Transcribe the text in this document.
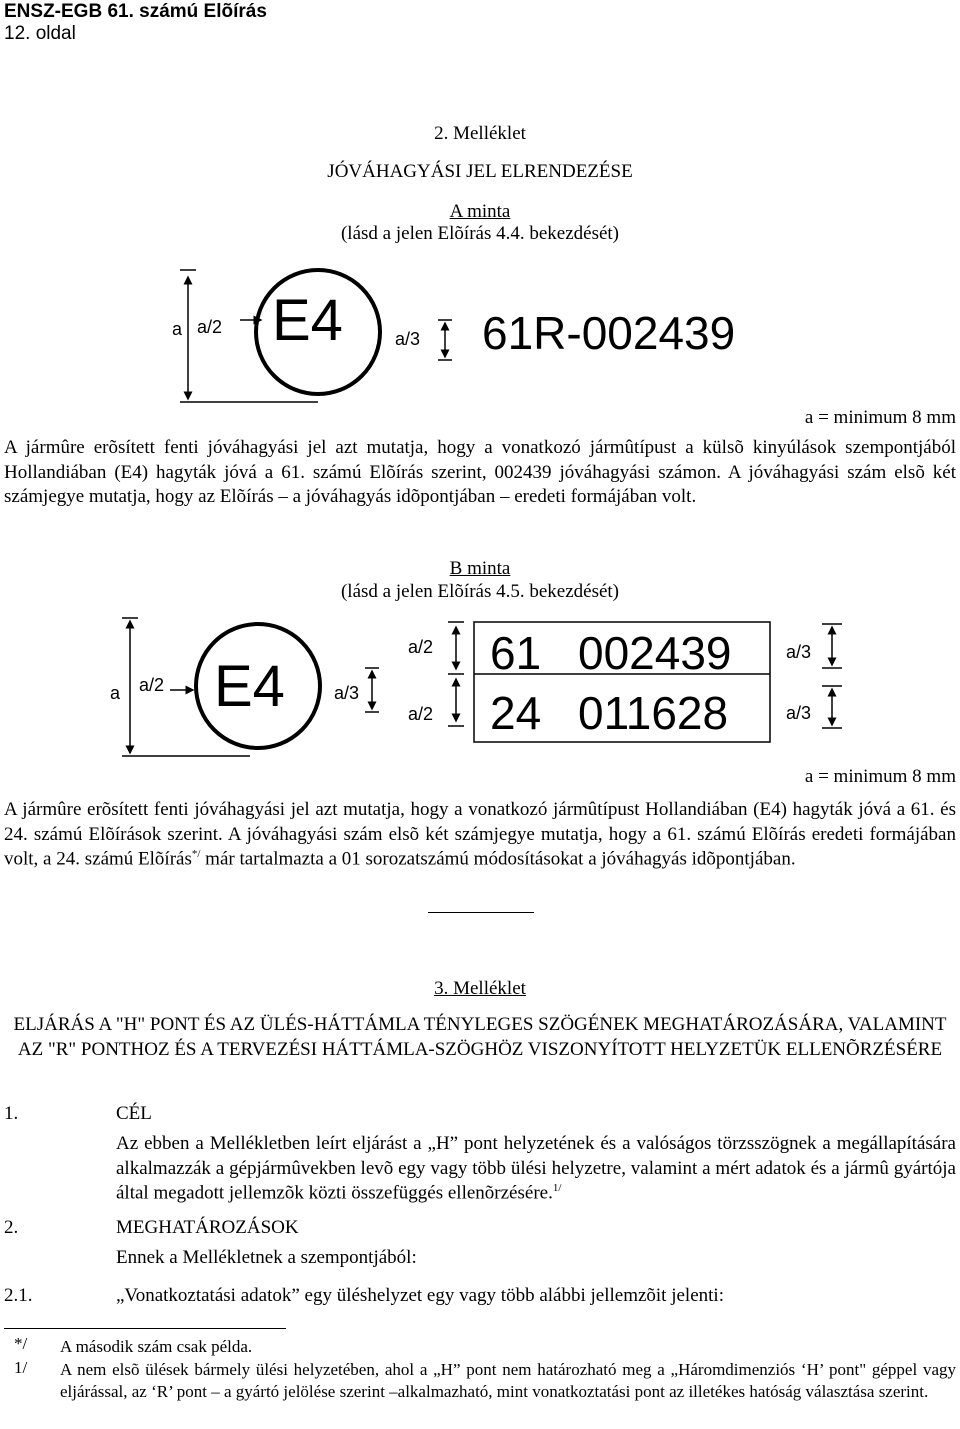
ENSZ-EGB 61. számú Elõírás
12. oldal
2. Melléklet
JÓVÁHAGYÁSI JEL ELRENDEZÉSE
A minta
(lásd a jelen Elõírás 4.4. bekezdését)
a a/2 E4	a/3 61R-002439
a = minimum 8 mm
A jármûre erõsített fenti jóváhagyási jel azt mutatja, hogy a vonatkozó jármûtípust a külsõ kinyúlások szempontjából Hollandiában (E4) hagyták jóvá a 61. számú Elõírás szerint, 002439 jóváhagyási számon. A jóváhagyási szám elsõ két számjegye mutatja, hogy az Elõírás – a jóváhagyás idõpontjában – eredeti formájában volt.
B minta
(lásd a jelen Elõírás 4.5. bekezdését)
a a/2 E4	a/3
a/2
a/2
61 002439
24 011628
a/3
a/3
a = minimum 8 mm
A jármûre erõsített fenti jóváhagyási jel azt mutatja, hogy a vonatkozó jármûtípust Hollandiában (E4) hagyták jóvá a 61. és 24. számú Elõírások szerint. A jóváhagyási szám elsõ két számjegye mutatja, hogy a 61. számú Elõírás eredeti formájában volt, a 24. számú Elõírás*/ már tartalmazta a 01 sorozatszámú módosításokat a jóváhagyás idõpontjában.
3. Melléklet
ELJÁRÁS A "H" PONT ÉS AZ ÜLÉS-HÁTTÁMLA TÉNYLEGES SZÖGÉNEK MEGHATÁROZÁSÁRA, VALAMINT AZ "R" PONTHOZ ÉS A TERVEZÉSI HÁTTÁMLA-SZÖGHÖZ VISZONYÍTOTT HELYZETÜK ELLENÕRZÉSÉRE
1.	CÉL
Az ebben a Mellékletben leírt eljárást a „H” pont helyzetének és a valóságos törzsszögnek a megállapítására alkalmazzák a gépjármûvekben levõ egy vagy több ülési helyzetre, valamint a mért adatok és a jármû gyártója által megadott jellemzõk közti összefüggés ellenõrzésére.$^{1/}$
2.	MEGHATÁROZÁSOK
Ennek a Mellékletnek a szempontjából:
2.1.	„Vonatkoztatási adatok” egy üléshelyzet egy vagy több alábbi jellemzõit jelenti:
*/ A második szám csak példa.
1/ A nem elsõ ülések bármely ülési helyzetében, ahol a „H” pont nem határozható meg a „Háromdimenziós ‘H’ pont" géppel vagy eljárással, az ‘R’ pont – a gyártó jelölése szerint –alkalmazható, mint vonatkoztatási pont az illetékes hatóság választása szerint.
